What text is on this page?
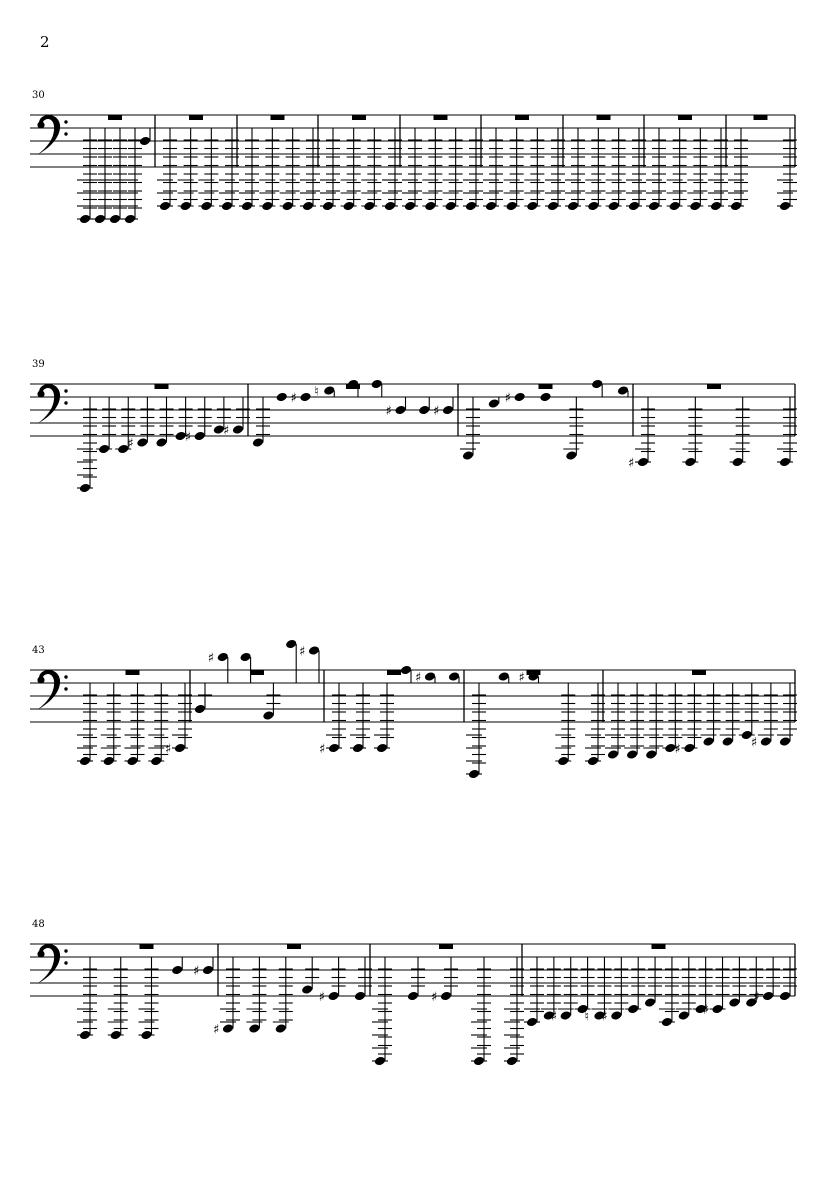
2
30
39
♯	♯ ♯
♯ ♮
♯	♯
♯
♯
43
♯
♯	♯
♯
♯	♯
♯	♯
48
♯
♯
♯	♯
♯ ♮ ♯	♯
♯
